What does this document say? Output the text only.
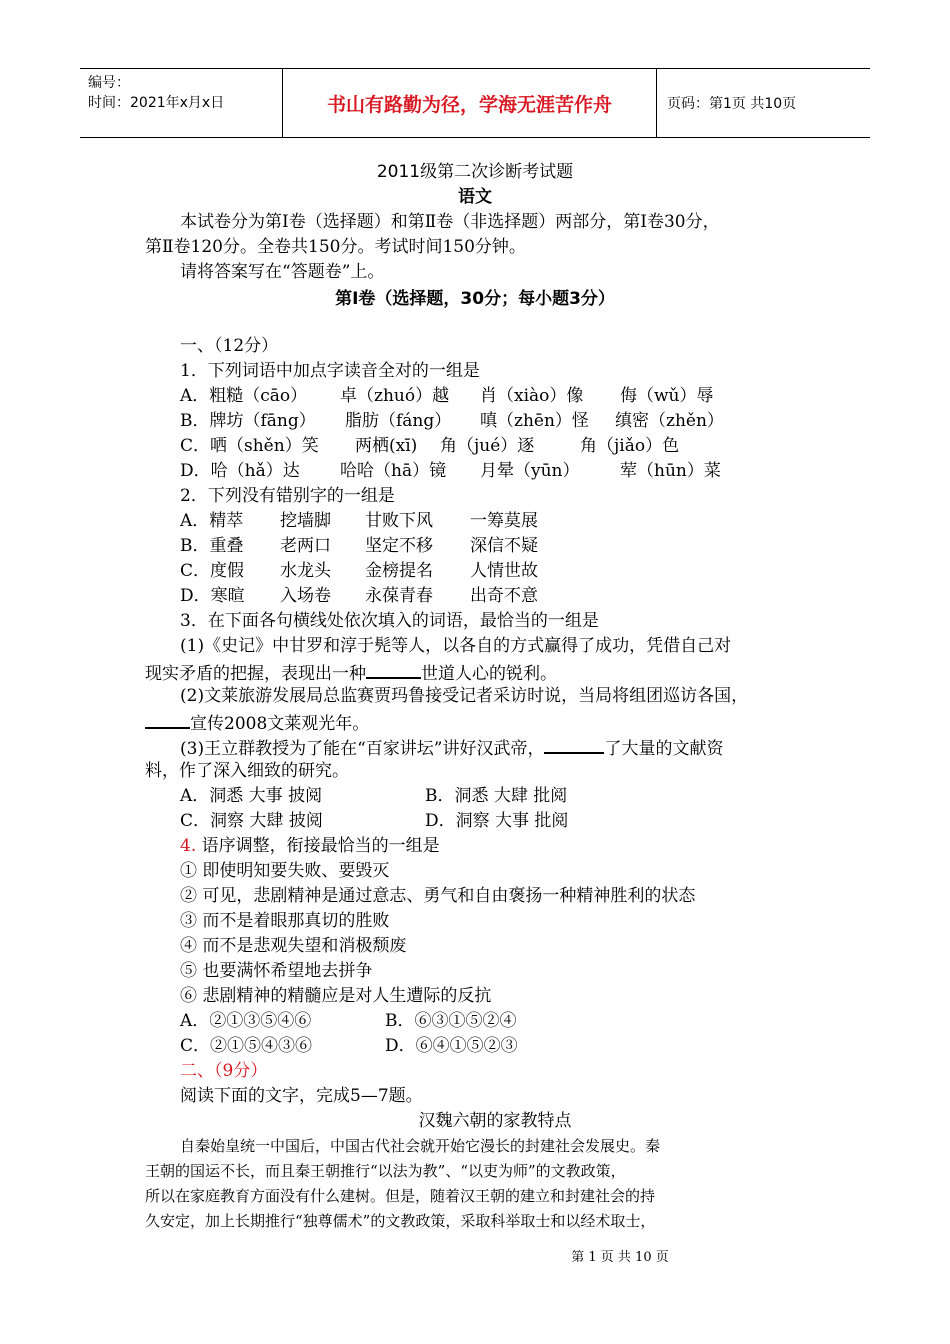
编号：
时间：2021年x月x日	书山有路勤为径，学海无涯苦作舟	页码：第1页 共10页
2011级第二次诊断考试题
语文
本试卷分为第Ⅰ卷（选择题）和第Ⅱ卷（非选择题）两部分，第Ⅰ卷30分，
第Ⅱ卷120分。全卷共150分。考试时间150分钟。
请将答案写在“答题卷”上。
第Ⅰ卷（选择题，30分；每小题3分）
一、（12分）
1．下列词语中加点字读音全对的一组是
A．粗糙（cāo） 卓（zhuó）越 肖（xiào）像 侮（wǔ）辱
B．牌坊（fāng） 脂肪（fáng） 嗔（zhēn）怪 缜密（zhěn）
C．哂（shěn）笑 两栖(xī) 角（jué）逐	角（jiǎo）色
D．哈（hǎ）达 哈哈（hā）镜 月晕（yūn） 荤（hūn）菜
2．下列没有错别字的一组是
A．精萃 挖墙脚 甘败下风 一筹莫展
B．重叠 老两口 坚定不移 深信不疑
C．度假 水龙头 金榜提名 人情世故
D．寒暄 入场卷 永葆青春 出奇不意
3．在下面各句横线处依次填入的词语，最恰当的一组是
(1)《史记》中甘罗和淳于髡等人，以各自的方式赢得了成功，凭借自己对
现实矛盾的把握，表现出一种	世道人心的锐利。
(2)文莱旅游发展局总监赛贾玛鲁接受记者采访时说，当局将组团巡访各国，
宣传2008文莱观光年。
(3)王立群教授为了能在“百家讲坛”讲好汉武帝，	了大量的文献资
料，作了深入细致的研究。
A．洞悉 大事 披阅	B．洞悉 大肆 批阅
C．洞察 大肆 披阅	D．洞察 大事 批阅
4. 语序调整，衔接最恰当的一组是
① 即使明知要失败、要毁灭
② 可见，悲剧精神是通过意志、勇气和自由褒扬一种精神胜利的状态
③ 而不是着眼那真切的胜败
④ 而不是悲观失望和消极颓废
⑤ 也要满怀希望地去拼争
⑥ 悲剧精神的精髓应是对人生遭际的反抗
A．②①③⑤④⑥	B．⑥③①⑤②④
C．②①⑤④③⑥	D．⑥④①⑤②③
二、（9分）
阅读下面的文字，完成5—7题。
汉魏六朝的家教特点
自秦始皇统一中国后，中国古代社会就开始它漫长的封建社会发展史。秦
王朝的国运不长，而且秦王朝推行“以法为教”、“以吏为师”的文教政策，
所以在家庭教育方面没有什么建树。但是，随着汉王朝的建立和封建社会的持
久安定，加上长期推行“独尊儒术”的文教政策，采取科举取士和以经术取士，
第 1 页 共 10 页
